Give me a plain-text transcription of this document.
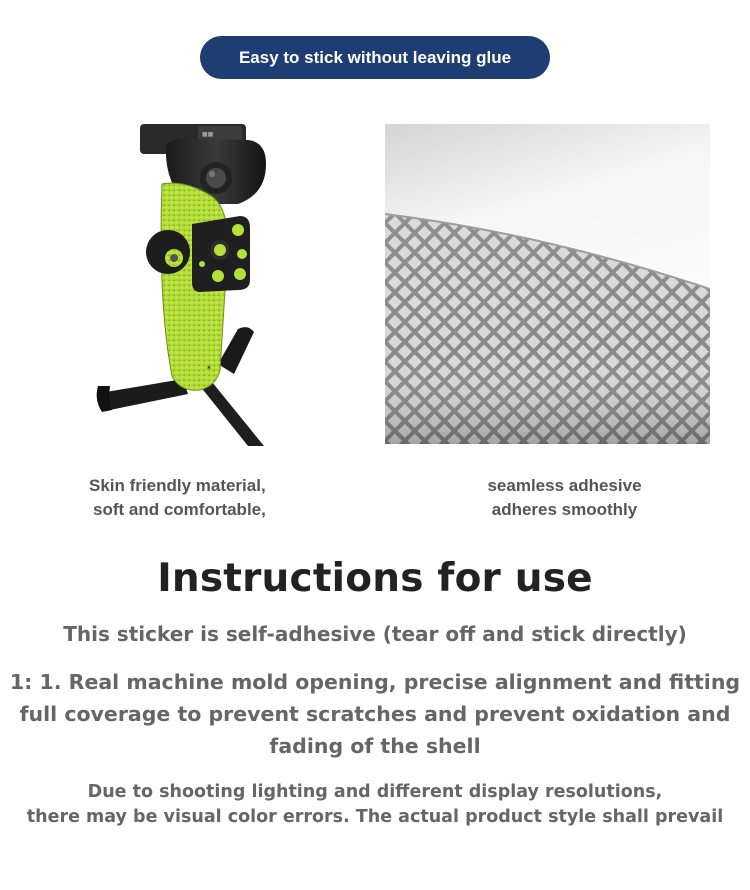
Easy to stick without leaving glue
■■
✶
Skin friendly material,
soft and comfortable,
seamless adhesive
adheres smoothly
Instructions for use
This sticker is self-adhesive (tear off and stick directly)
1: 1. Real machine mold opening, precise alignment and fitting
full coverage to prevent scratches and prevent oxidation and
fading of the shell
Due to shooting lighting and different display resolutions,
there may be visual color errors. The actual product style shall prevail
